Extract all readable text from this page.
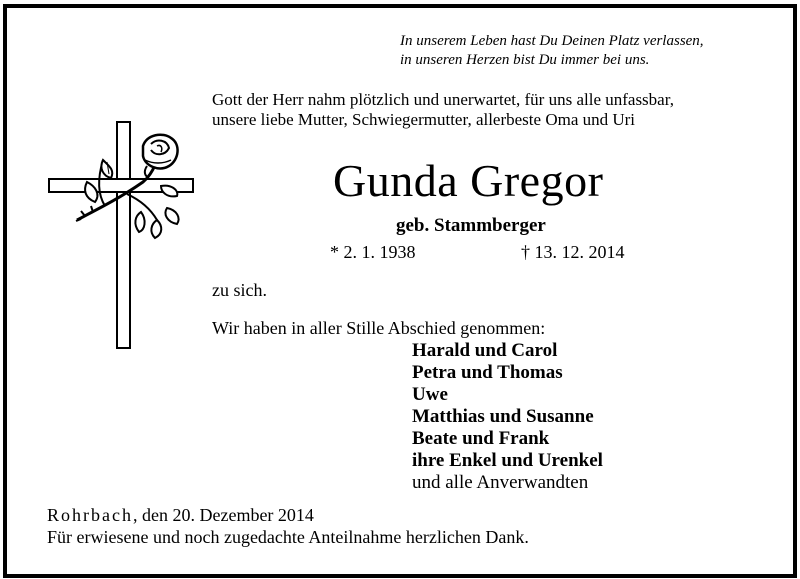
In unserem Leben hast Du Deinen Platz verlassen,
in unseren Herzen bist Du immer bei uns.
Gott der Herr nahm plötzlich und unerwartet, für uns alle unfassbar,
unsere liebe Mutter, Schwiegermutter, allerbeste Oma und Uri
Gunda Gregor
geb. Stammberger
* 2. 1. 1938	† 13. 12. 2014
zu sich.
Wir haben in aller Stille Abschied genommen:
Harald und Carol
Petra und Thomas
Uwe
Matthias und Susanne
Beate und Frank
ihre Enkel und Urenkel
und alle Anverwandten
Rohrbach, den 20. Dezember 2014
Für erwiesene und noch zugedachte Anteilnahme herzlichen Dank.
